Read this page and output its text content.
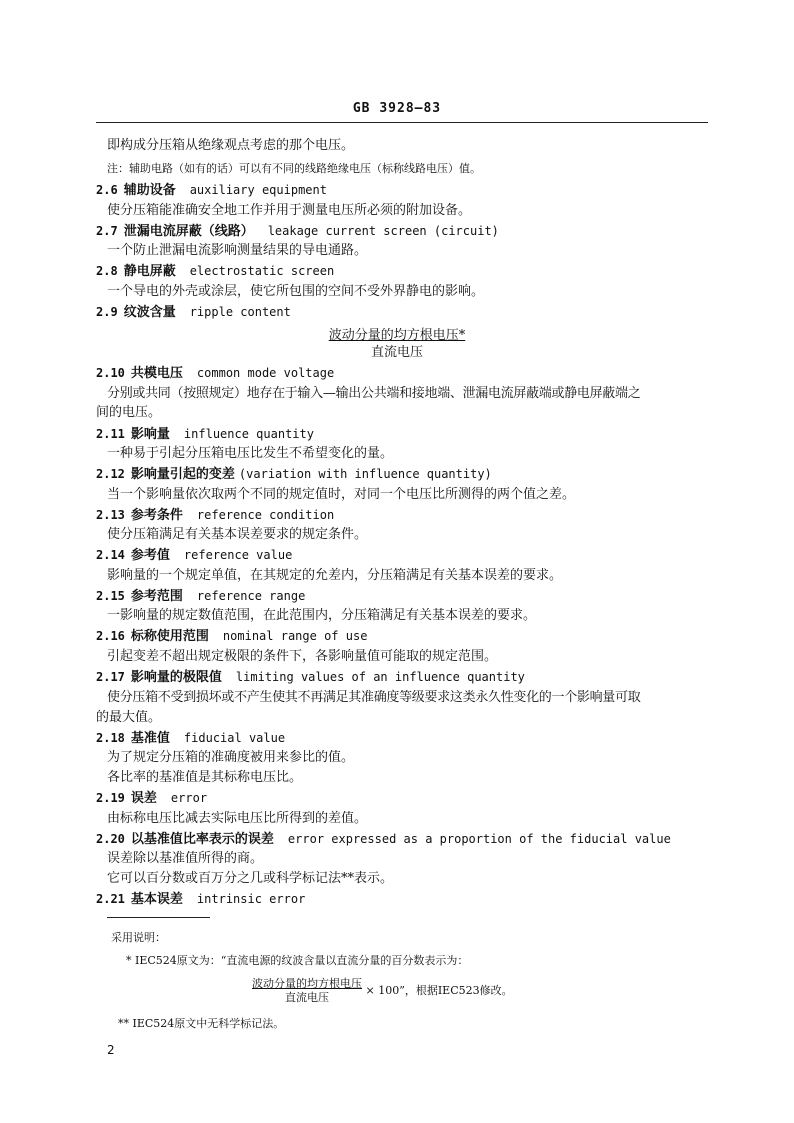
GB 3928—83
即构成分压箱从绝缘观点考虑的那个电压。
注：辅助电路（如有的话）可以有不同的线路绝缘电压（标称线路电压）值。
2.6 辅助设备 auxiliary equipment
使分压箱能准确安全地工作并用于测量电压所必须的附加设备。
2.7 泄漏电流屏蔽（线路） leakage current screen (circuit)
一个防止泄漏电流影响测量结果的导电通路。
2.8 静电屏蔽 electrostatic screen
一个导电的外壳或涂层，使它所包围的空间不受外界静电的影响。
2.9 纹波含量 ripple content
波动分量的均方根电压*
直流电压
2.10 共模电压 common mode voltage
分别或共同（按照规定）地存在于输入—输出公共端和接地端、泄漏电流屏蔽端或静电屏蔽端之
间的电压。
2.11 影响量 influence quantity
一种易于引起分压箱电压比发生不希望变化的量。
2.12 影响量引起的变差 (variation with influence quantity)
当一个影响量依次取两个不同的规定值时，对同一个电压比所测得的两个值之差。
2.13 参考条件 reference condition
使分压箱满足有关基本误差要求的规定条件。
2.14 参考值 reference value
影响量的一个规定单值，在其规定的允差内，分压箱满足有关基本误差的要求。
2.15 参考范围 reference range
一影响量的规定数值范围，在此范围内，分压箱满足有关基本误差的要求。
2.16 标称使用范围 nominal range of use
引起变差不超出规定极限的条件下，各影响量值可能取的规定范围。
2.17 影响量的极限值 limiting values of an influence quantity
使分压箱不受到损坏或不产生使其不再满足其准确度等级要求这类永久性变化的一个影响量可取
的最大值。
2.18 基准值 fiducial value
为了规定分压箱的准确度被用来参比的值。
各比率的基准值是其标称电压比。
2.19 误差 error
由标称电压比减去实际电压比所得到的差值。
2.20 以基准值比率表示的误差 error expressed as a proportion of the fiducial value
误差除以基准值所得的商。
它可以百分数或百万分之几或科学标记法**表示。
2.21 基本误差 intrinsic error
采用说明：
* IEC524原文为：“直流电源的纹波含量以直流分量的百分数表示为：
$\frac{\text{波动分量的均方根电压}}{\text{直流电压}} \times 100$”，根据IEC523修改。
** IEC524原文中无科学标记法。
2
